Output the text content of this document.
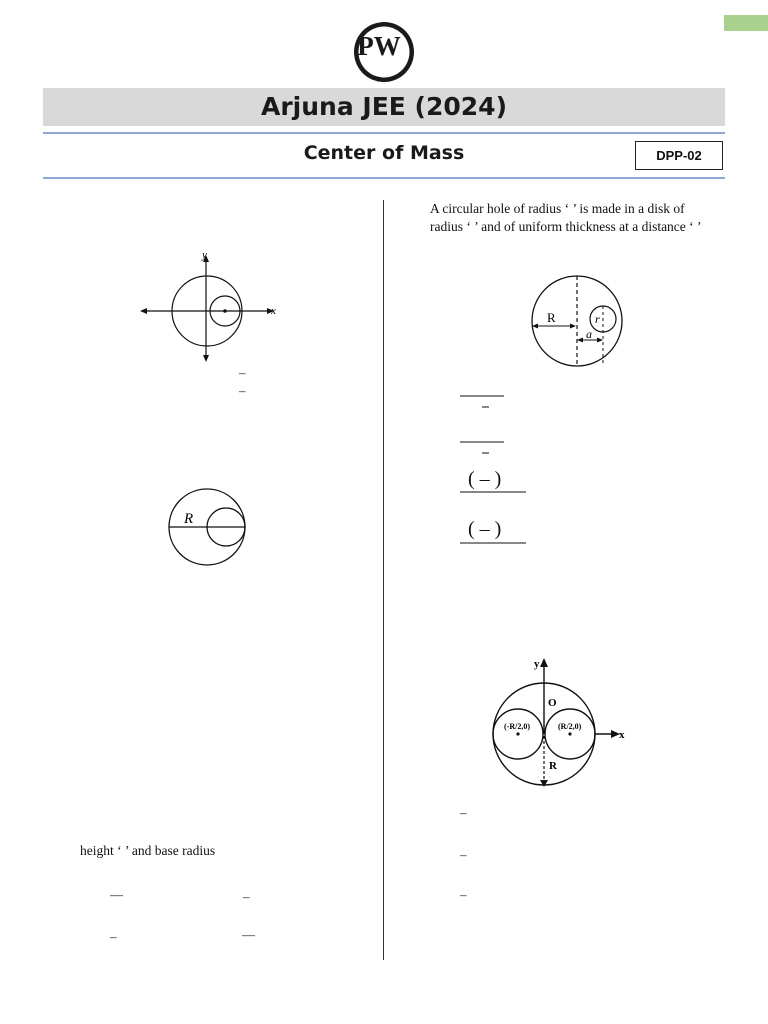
PW
Arjuna JEE (2024)
Center of Mass	DPP-02
y
x
–
–
R
height ‘ ’ and base radius
—	–
–	—
A circular hole of radius ‘ ’ is made in a disk of
radius ‘ ’ and of uniform thickness at a distance ‘ ’
R	r
a
( – )
( – )
y
x
O
(-R/2,0)	(R/2,0)
R
–
–
–
